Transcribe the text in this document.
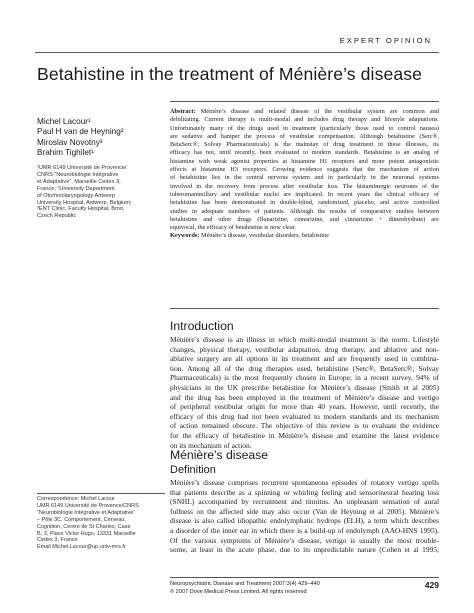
EXPERT OPINION
Betahistine in the treatment of Ménière’s disease
Michel Lacour¹
Paul H van de Heyning²
Miroslav Novotny³
Brahim Tighilet¹
¹UMR 6149 Université de Provence/
CNRS “Neurobiologie Intégrative
et Adaptative”, Marseille Cedex 3,
France; ²University Department
of Otorhinolaryngology Antwerp
University Hospital, Antwerp, Belgium;
³ENT Clinic, Faculty Hospital, Brno,
Czech Republic
Abstract: Ménière’s disease and related disease of the vestibular system are common and
debilitating. Current therapy is multi-modal and includes drug therapy and lifestyle adaptations.
Unfortunately many of the drugs used in treatment (particularly those used to control nausea)
are sedative and hamper the process of vestibular compensation. Although betahistine (Serc®,
BetaSerc®; Solvay Pharmaceuticals) is the mainstay of drug treatment in these illnesses, its
efficacy has not, until recently, been evaluated to modern standards. Betahistine is an analog of
histamine with weak agonist properties at histamine H1 receptors and more potent antagonistic
effects at histamine H3 receptors. Growing evidence suggests that the mechanism of action
of betahistine lies in the central nervous system and in particularly in the neuronal systems
involved in the recovery from process after vestibular loss. The histaminergic neurones of the
tuberomammillary and vestibular nuclei are implicated. In recent years the clinical efficacy of
betahistine has been demonstrated in double-blind, randomized, placebo, and active controlled
studies in adequate numbers of patients. Although the results of comparative studies between
betahistine and other drugs (flunarizine, cinnarizine, and cinnarizine + dimenhydrate) are
equivocal, the efficacy of betahistine is now clear.
Keywords: Ménière’s disease, vestibular disorders, betahistine
Introduction
Ménière’s disease is an illness in which multi-modal treatment is the norm. Lifestyle
changes, physical therapy, vestibular adaptation, drug therapy, and ablative and non-
ablative surgery are all options in its treatment and are frequently used in combina-
tion. Among all of the drug therapies used, betahistine (Serc®, BetaSerc®; Solvay
Pharmaceuticals) is the most frequently chosen in Europe; in a recent survey, 94% of
physicians in the UK prescribe betahistine for Ménière’s disease (Smith et al 2005)
and the drug has been employed in the treatment of Ménière’s disease and vertigo
of peripheral vestibular origin for more than 40 years. However, until recently, the
efficacy of this drug had not been evaluated to modern standards and its mechanism
of action remained obscure. The objective of this review is to evaluate the evidence
for the efficacy of betahistine in Ménière’s disease and examine the latest evidence
on its mechanism of action.
Ménière’s disease
Definition
Ménière’s disease comprises recurrent spontaneous episodes of rotatory vertigo spells
that patients describe as a spinning or whirling feeling and sensorineural hearing loss
(SNHL) accompanied by recruitment and tinnitus. An unpleasant sensation of aural
fullness on the affected side may also occur (Van de Heyning et al 2005). Ménière’s
disease is also called idiopathic endolymphatic hydrops (ELH), a term which describes
a disorder of the inner ear in which there is a build-up of endolymph (AAO-HNS 1995).
Of the various symptoms of Ménière’s disease, vertigo is usually the most trouble-
some, at least in the acute phase, due to its unpredictable nature (Cohen et al 1995;
Correspondence: Michel Lacour
UMR 6149 Université de Provence/CNRS
“Neurobiologie Intégrative et Adaptative”
– Pôle 3C, Comportement, Cerveau,
Cognition, Centre de St Charles, Case
B, 3, Place Victor Hugo, 13331 Marseille
Cedex 3, France
Email Michel.Lacour@up.univ-mrs.fr
Neuropsychiatric Disease and Treatment 2007:3(4) 429–440
© 2007 Dove Medical Press Limited. All rights reserved
429
